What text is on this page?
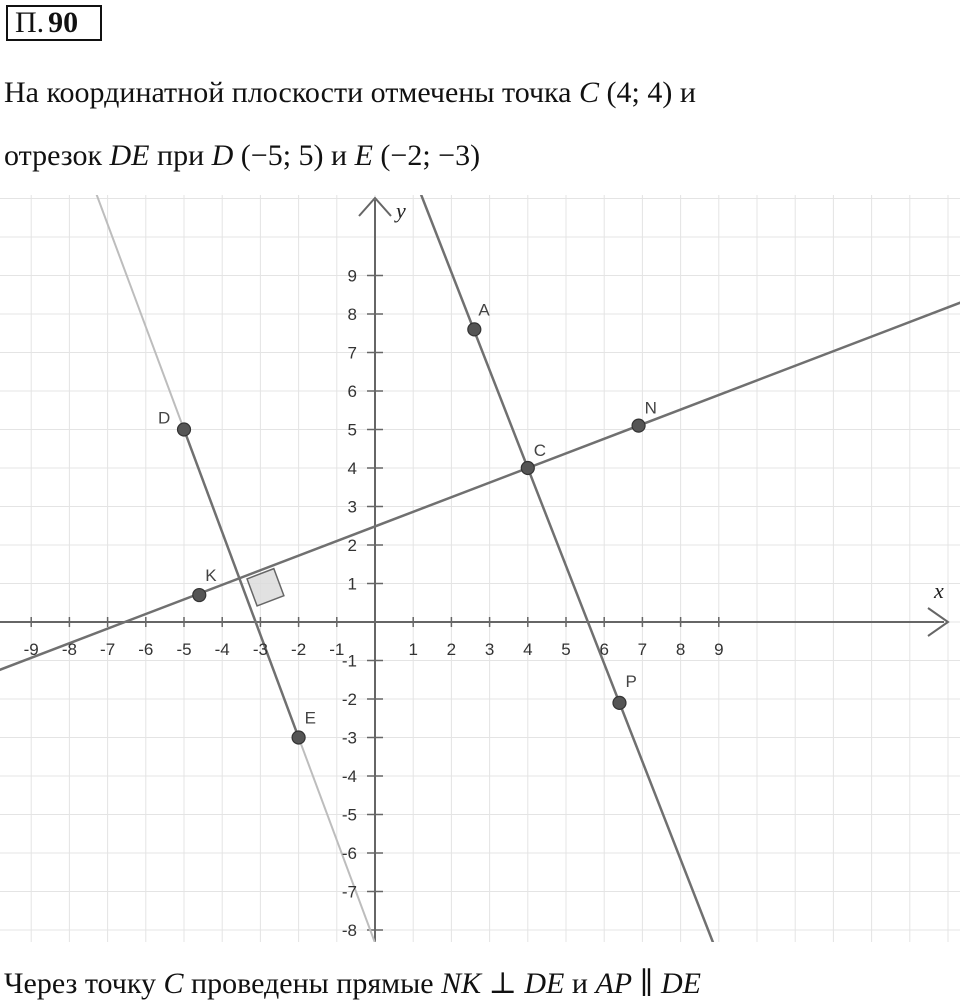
П. 90
На координатной плоскости отмечены точка C (4; 4) и
отрезок DE при D (−5; 5) и E (−2; −3)
x
y
-9 -8 -7 -6 -5 -4 -3 -2 -1	1 2 3 4 5 6 7 8 9
-8
-7
-6
-5
-4
-3
-2
-1
1
2
3
4
5
6
7
8
9
D
E
C
A
P
N
K
Через точку C проведены прямые NK ⊥ DE и AP ∥ DE
